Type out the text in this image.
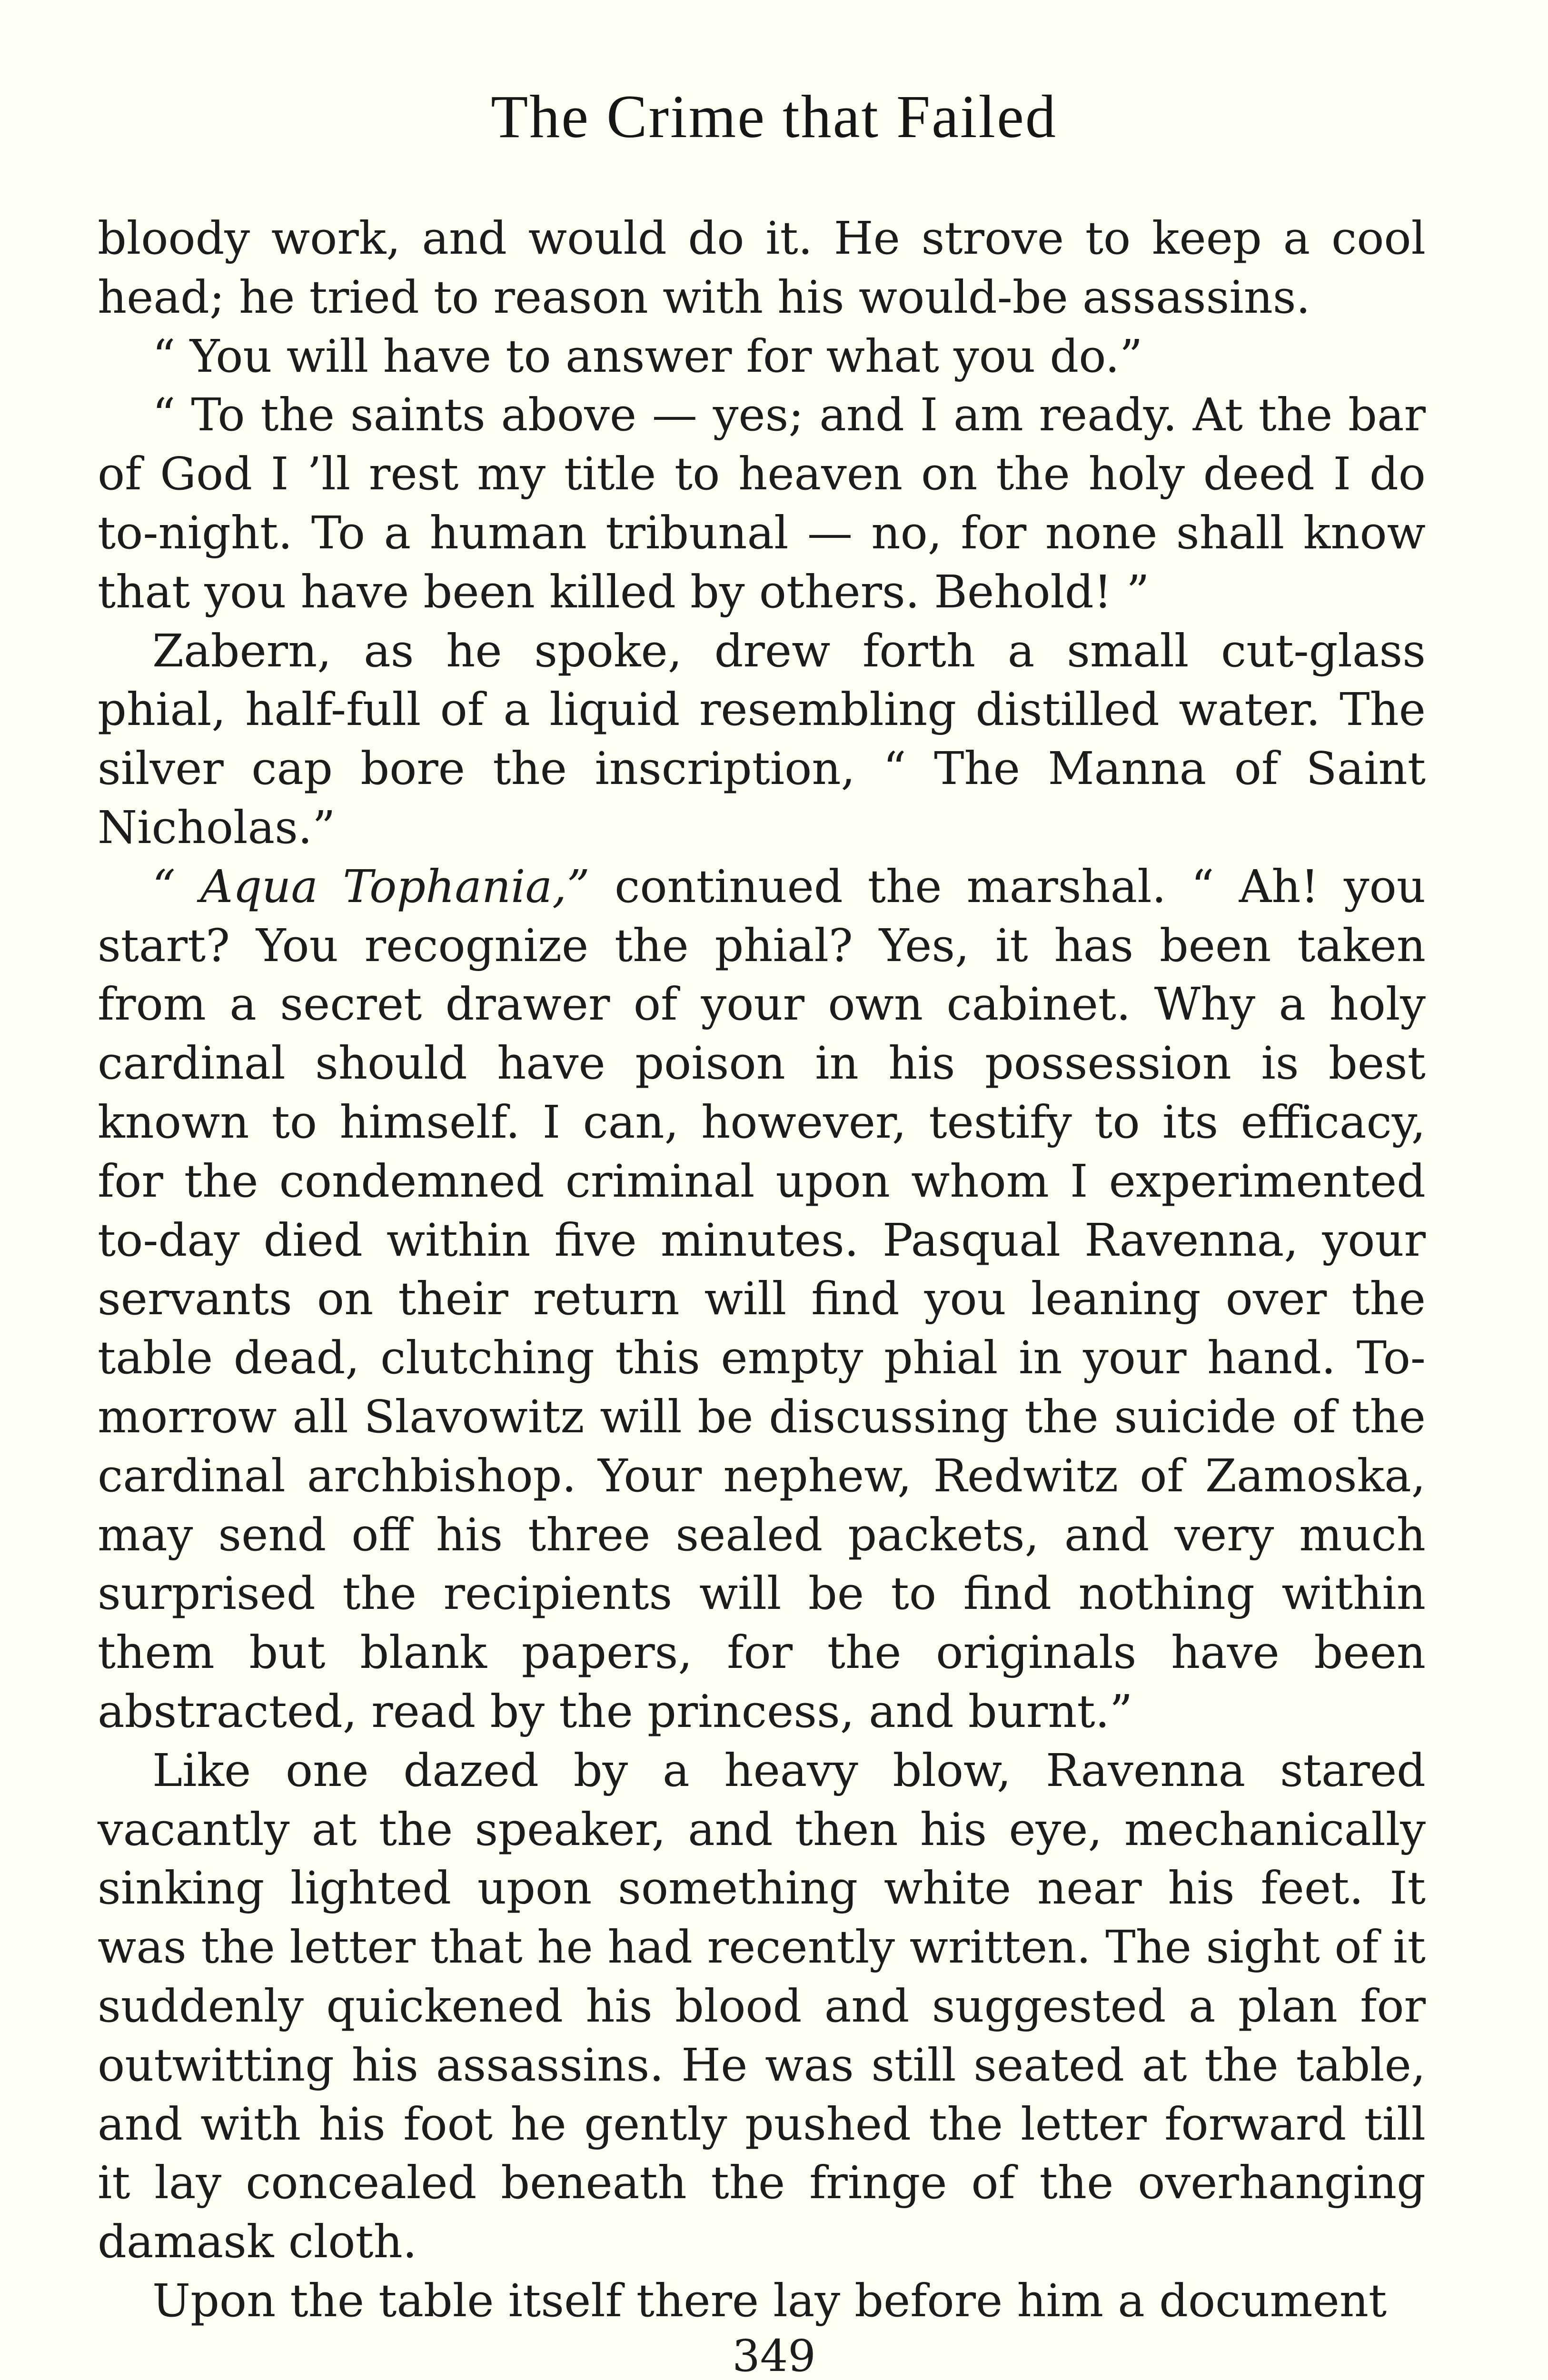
The Crime that Failed

bloody work, and would do it. He strove to keep a cool head; he tried to reason with his would-be assassins.

“ You will have to answer for what you do.”

“ To the saints above — yes; and I am ready. At the bar of God I ’ll rest my title to heaven on the holy deed I do to-night. To a human tribunal — no, for none shall know that you have been killed by others. Behold! ”

Zabern, as he spoke, drew forth a small cut-glass phial, half-full of a liquid resembling distilled water. The silver cap bore the inscription, “ The Manna of Saint Nicholas.”

“ Aqua Tophania,” continued the marshal. “ Ah! you start? You recognize the phial? Yes, it has been taken from a secret drawer of your own cabinet. Why a holy cardinal should have poison in his possession is best known to himself. I can, however, testify to its efficacy, for the condemned criminal upon whom I experimented to-day died within five minutes. Pasqual Ravenna, your servants on their return will find you leaning over the table dead, clutching this empty phial in your hand. To-morrow all Slavowitz will be discussing the suicide of the cardinal archbishop. Your nephew, Redwitz of Zamoska, may send off his three sealed packets, and very much surprised the recipients will be to find nothing within them but blank papers, for the originals have been abstracted, read by the princess, and burnt.”

Like one dazed by a heavy blow, Ravenna stared vacantly at the speaker, and then his eye, mechanically sinking lighted upon something white near his feet. It was the letter that he had recently written. The sight of it suddenly quickened his blood and suggested a plan for outwitting his assassins. He was still seated at the table, and with his foot he gently pushed the letter forward till it lay concealed beneath the fringe of the overhanging damask cloth.

Upon the table itself there lay before him a document

349
